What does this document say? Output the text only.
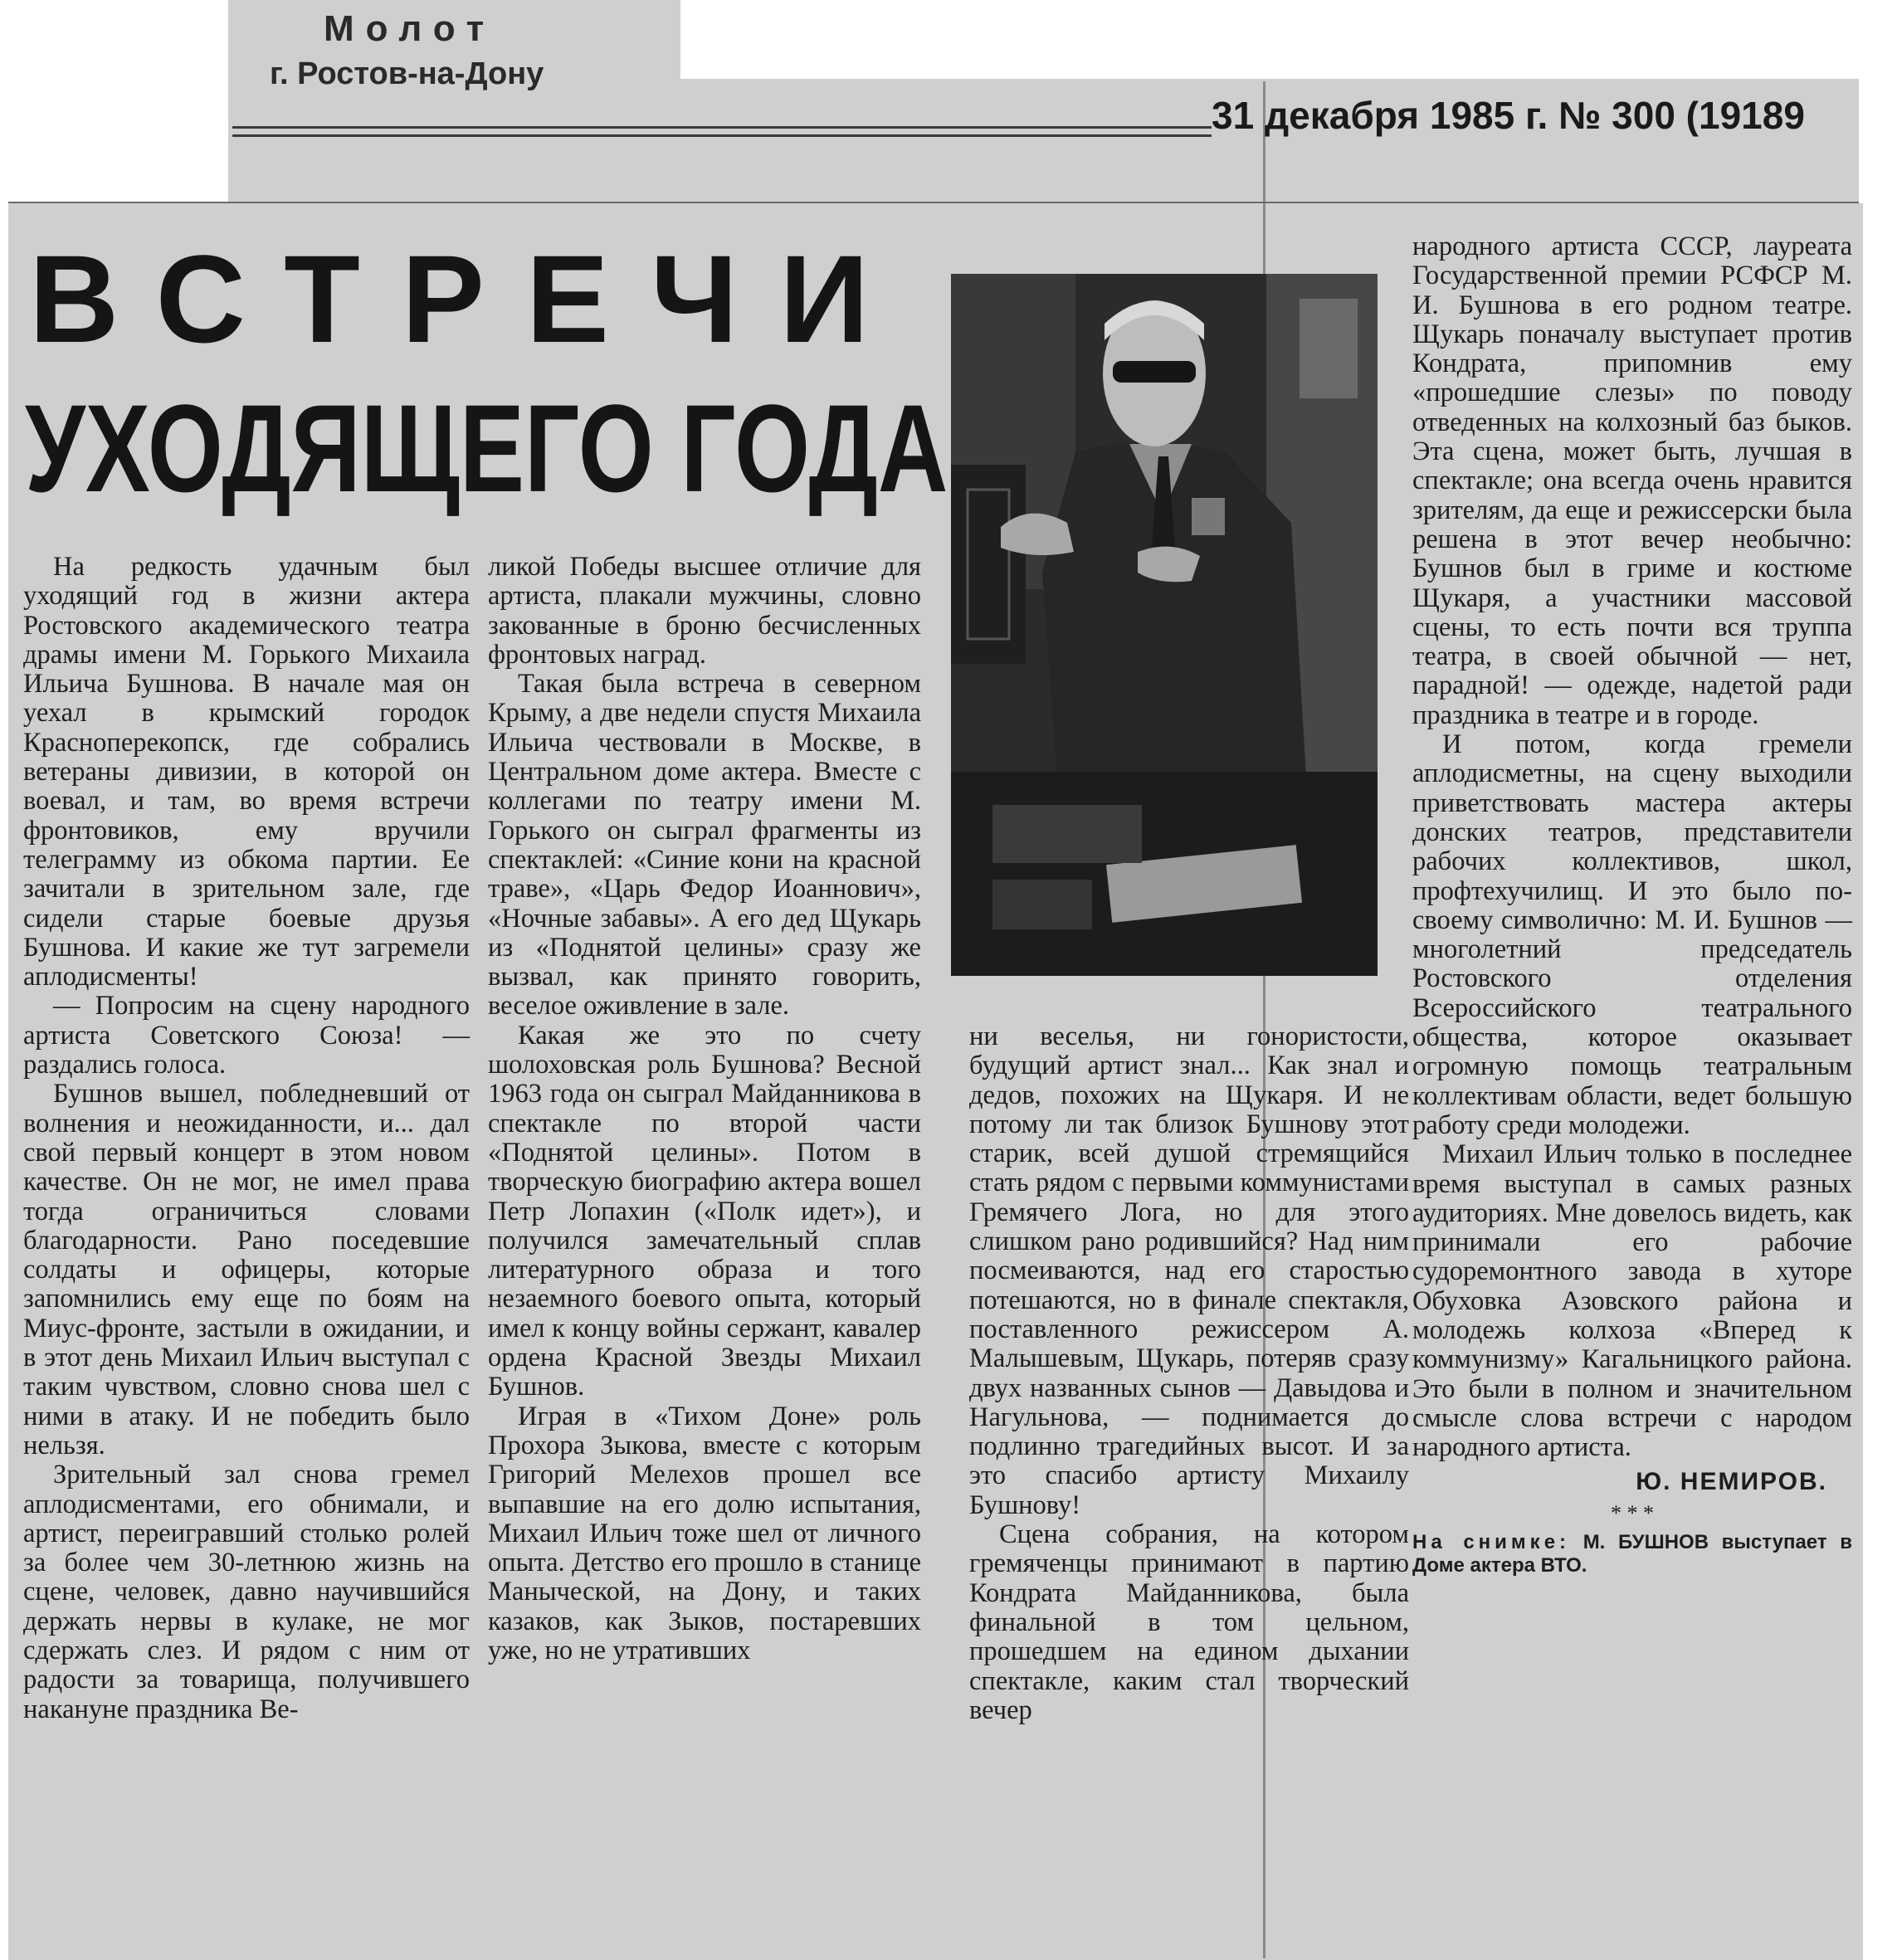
Молот
г. Ростов-на-Дону
31 декабря 1985 г. № 300 (19189
ВСТРЕЧИ
УХОДЯЩЕГО ГОДА

На редкость удачным был уходящий год в жизни актера Ростовского академического театра драмы имени М. Горького Михаила Ильича Бушнова. В начале мая он уехал в крымский городок Красноперекопск, где собрались ветераны дивизии, в которой он воевал, и там, во время встречи фронтовиков, ему вручили телеграмму из обкома партии. Ее зачитали в зрительном зале, где сидели старые боевые друзья Бушнова. И какие же тут загремели аплодисменты!

— Попросим на сцену народного артиста Советского Союза! — раздались голоса.

Бушнов вышел, побледневший от волнения и неожиданности, и... дал свой первый концерт в этом новом качестве. Он не мог, не имел права тогда ограничиться словами благодарности. Рано поседевшие солдаты и офицеры, которые запомнились ему еще по боям на Миус-фронте, застыли в ожидании, и в этот день Михаил Ильич выступал с таким чувством, словно снова шел с ними в атаку. И не победить было нельзя.

Зрительный зал снова гремел аплодисментами, его обнимали, и артист, переигравший столько ролей за более чем 30-летнюю жизнь на сцене, человек, давно научившийся держать нервы в кулаке, не мог сдержать слез. И рядом с ним от радости за товарища, получившего накануне праздника Ве-

ликой Победы высшее отличие для артиста, плакали мужчины, словно закованные в броню бесчисленных фронтовых наград.

Такая была встреча в северном Крыму, а две недели спустя Михаила Ильича чествовали в Москве, в Центральном доме актера. Вместе с коллегами по театру имени М. Горького он сыграл фрагменты из спектаклей: «Синие кони на красной траве», «Царь Федор Иоаннович», «Ночные забавы». А его дед Щукарь из «Поднятой целины» сразу же вызвал, как принято говорить, веселое оживление в зале.

Какая же это по счету шолоховская роль Бушнова? Весной 1963 года он сыграл Майданникова в спектакле по второй части «Поднятой целины». Потом в творческую биографию актера вошел Петр Лопахин («Полк идет»), и получился замечательный сплав литературного образа и того незаемного боевого опыта, который имел к концу войны сержант, кавалер ордена Красной Звезды Михаил Бушнов.

Играя в «Тихом Доне» роль Прохора Зыкова, вместе с которым Григорий Мелехов прошел все выпавшие на его долю испытания, Михаил Ильич тоже шел от личного опыта. Детство его прошло в станице Маныческой, на Дону, и таких казаков, как Зыков, постаревших уже, но не утративших

ни веселья, ни гонористости, будущий артист знал... Как знал и дедов, похожих на Щукаря. И не потому ли так близок Бушнову этот старик, всей душой стремящийся стать рядом с первыми коммунистами Гремячего Лога, но для этого слишком рано родившийся? Над ним посмеиваются, над его старостью потешаются, но в финале спектакля, поставленного режиссером А. Малышевым, Щукарь, потеряв сразу двух названных сынов — Давыдова и Нагульнова, — поднимается до подлинно трагедийных высот. И за это спасибо артисту Михаилу Бушнову!

Сцена собрания, на котором гремяченцы принимают в партию Кондрата Майданникова, была финальной в том цельном, прошедшем на едином дыхании спектакле, каким стал творческий вечер

народного артиста СССР, лауреата Государственной премии РСФСР М. И. Бушнова в его родном театре. Щукарь поначалу выступает против Кондрата, припомнив ему «прошедшие слезы» по поводу отведенных на колхозный баз быков. Эта сцена, может быть, лучшая в спектакле; она всегда очень нравится зрителям, да еще и режиссерски была решена в этот вечер необычно: Бушнов был в гриме и костюме Щукаря, а участники массовой сцены, то есть почти вся труппа театра, в своей обычной — нет, парадной! — одежде, надетой ради праздника в театре и в городе.

И потом, когда гремели аплодисметны, на сцену выходили приветствовать мастера актеры донских театров, представители рабочих коллективов, школ, профтехучилищ. И это было по-своему символично: М. И. Бушнов — многолетний председатель Ростовского отделения Всероссийского театрального общества, которое оказывает огромную помощь театральным коллективам области, ведет большую работу среди молодежи.

Михаил Ильич только в последнее время выступал в самых разных аудиториях. Мне довелось видеть, как принимали его рабочие судоремонтного завода в хуторе Обуховка Азовского района и молодежь колхоза «Вперед к коммунизму» Кагальницкого района. Это были в полном и значительном смысле слова встречи с народом народного артиста.

Ю. НЕМИРОВ.
* * *
На снимке: М. БУШНОВ выступает в Доме актера ВТО.
